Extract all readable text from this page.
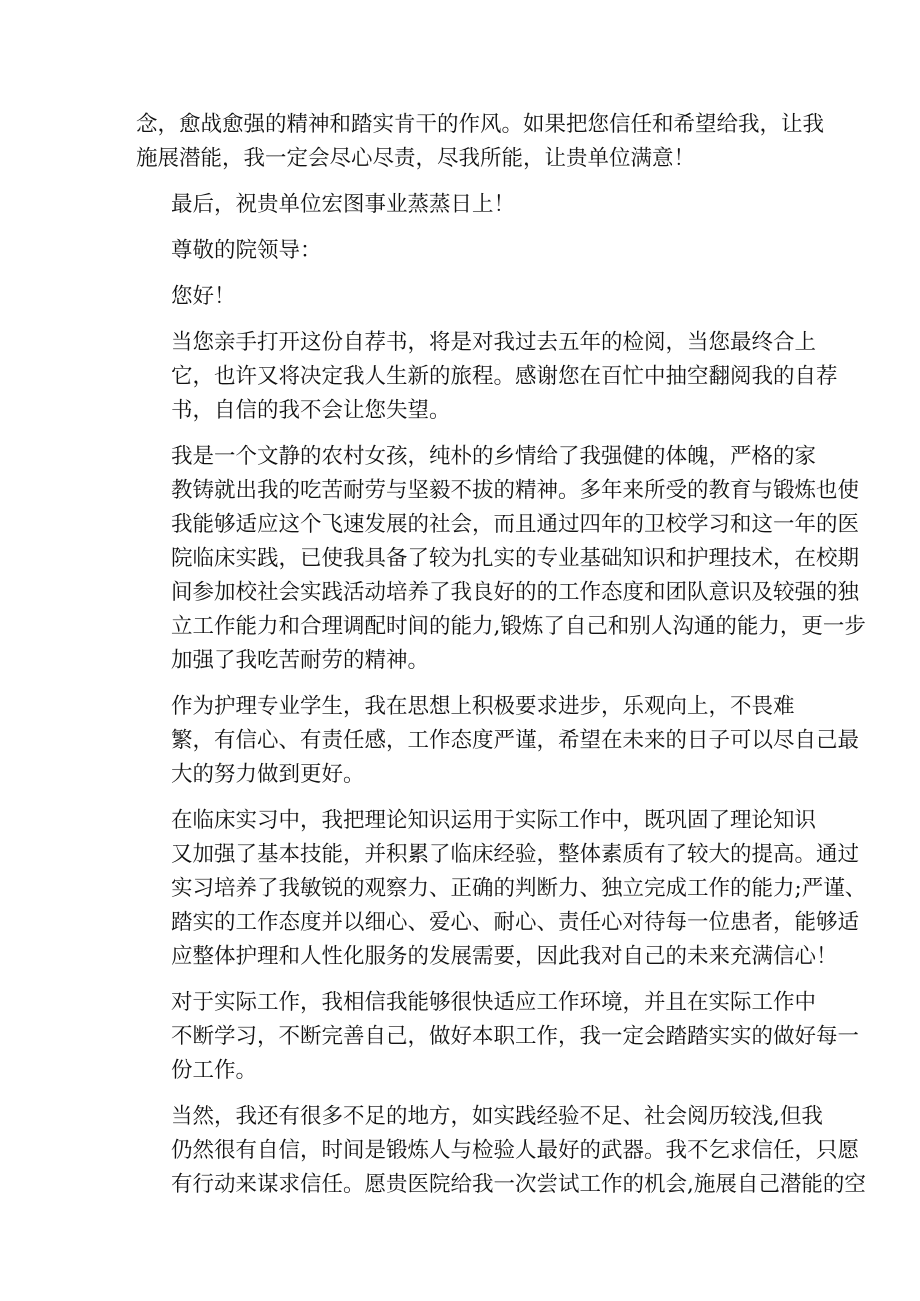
念，愈战愈强的精神和踏实肯干的作风。如果把您信任和希望给我，让我
施展潜能，我一定会尽心尽责，尽我所能，让贵单位满意！
最后，祝贵单位宏图事业蒸蒸日上！
尊敬的院领导：
您好！
当您亲手打开这份自荐书，将是对我过去五年的检阅，当您最终合上
它，也许又将决定我人生新的旅程。感谢您在百忙中抽空翻阅我的自荐
书，自信的我不会让您失望。
我是一个文静的农村女孩，纯朴的乡情给了我强健的体魄，严格的家
教铸就出我的吃苦耐劳与坚毅不拔的精神。多年来所受的教育与锻炼也使
我能够适应这个飞速发展的社会，而且通过四年的卫校学习和这一年的医
院临床实践，已使我具备了较为扎实的专业基础知识和护理技术，在校期
间参加校社会实践活动培养了我良好的的工作态度和团队意识及较强的独
立工作能力和合理调配时间的能力,锻炼了自己和别人沟通的能力，更一步
加强了我吃苦耐劳的精神。
作为护理专业学生，我在思想上积极要求进步，乐观向上，不畏难
繁，有信心、有责任感，工作态度严谨，希望在未来的日子可以尽自己最
大的努力做到更好。
在临床实习中，我把理论知识运用于实际工作中，既巩固了理论知识
又加强了基本技能，并积累了临床经验，整体素质有了较大的提高。通过
实习培养了我敏锐的观察力、正确的判断力、独立完成工作的能力;严谨、
踏实的工作态度并以细心、爱心、耐心、责任心对待每一位患者，能够适
应整体护理和人性化服务的发展需要，因此我对自己的未来充满信心！
对于实际工作，我相信我能够很快适应工作环境，并且在实际工作中
不断学习，不断完善自己，做好本职工作，我一定会踏踏实实的做好每一
份工作。
当然，我还有很多不足的地方，如实践经验不足、社会阅历较浅,但我
仍然很有自信，时间是锻炼人与检验人最好的武器。我不乞求信任，只愿
有行动来谋求信任。愿贵医院给我一次尝试工作的机会,施展自己潜能的空
